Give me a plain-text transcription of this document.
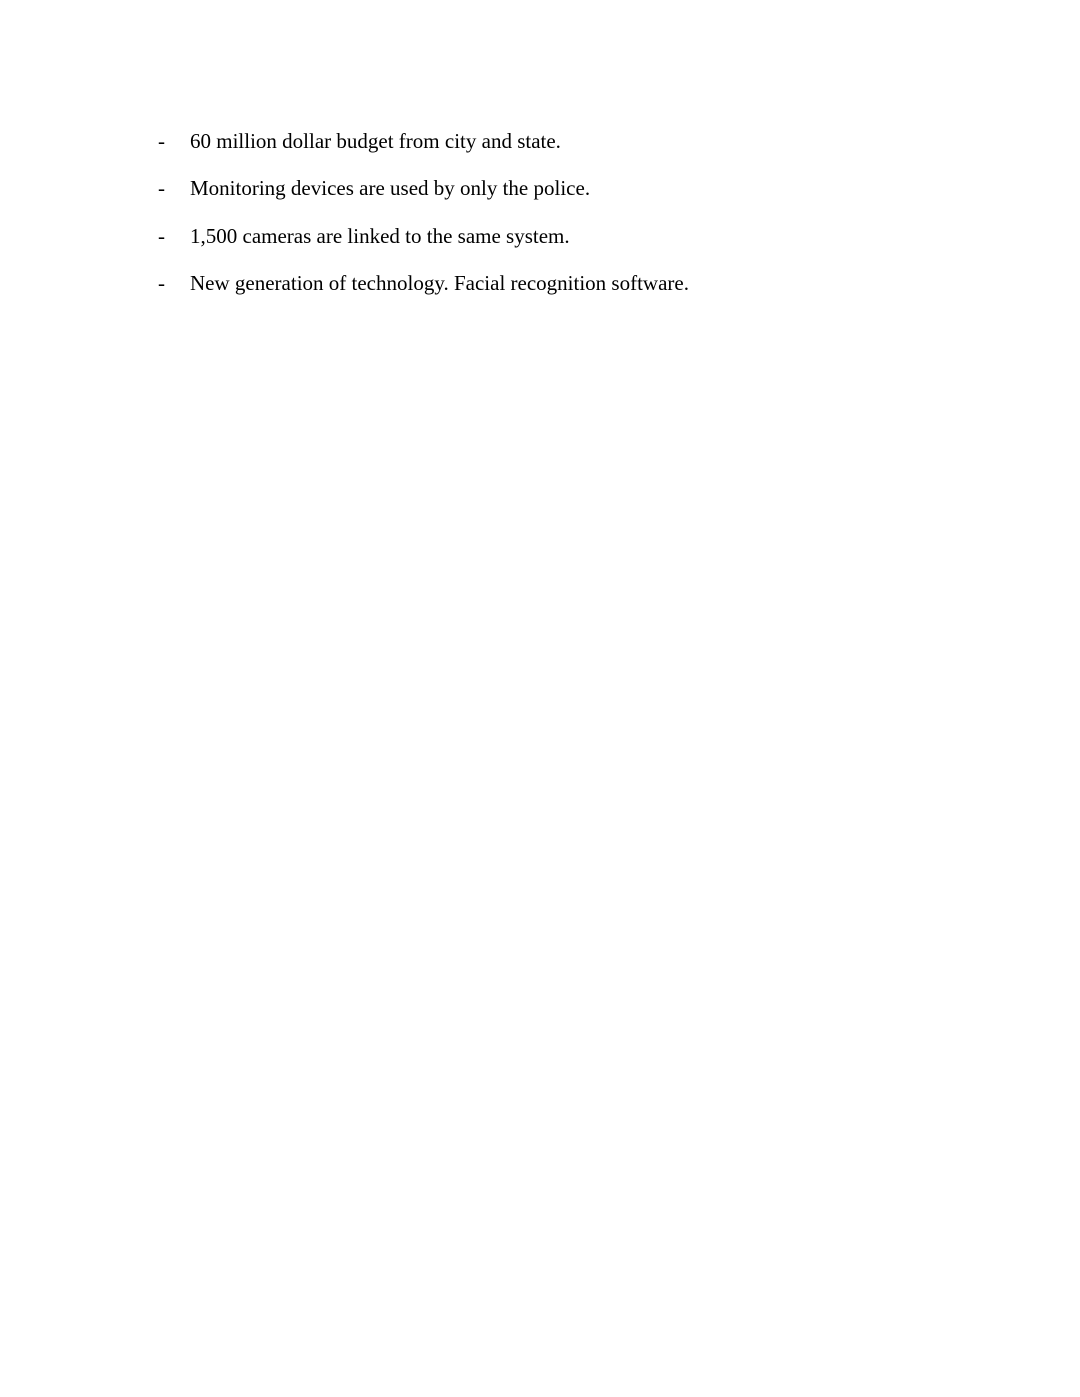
- 60 million dollar budget from city and state.
- Monitoring devices are used by only the police.
- 1,500 cameras are linked to the same system.
- New generation of technology. Facial recognition software.
